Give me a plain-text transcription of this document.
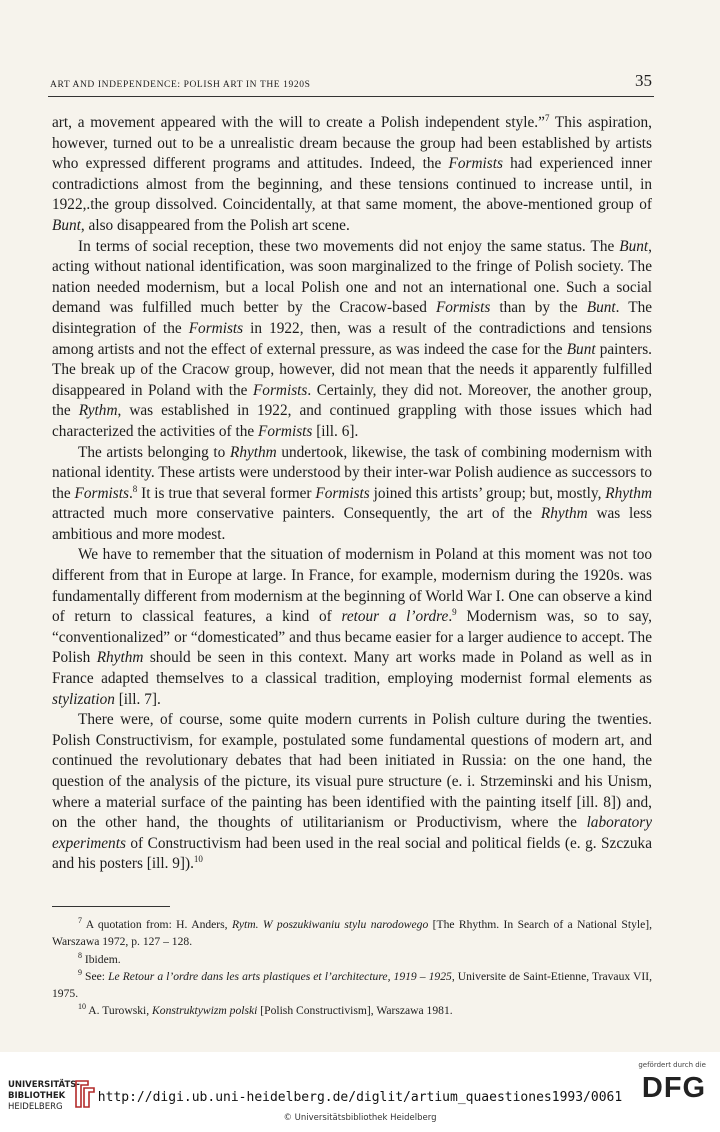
ART AND INDEPENDENCE: POLISH ART IN THE 1920S	35

art, a movement appeared with the will to create a Polish independent style.”$^7$ This aspiration, however, turned out to be a unrealistic dream because the group had been established by artists who expressed different programs and attitudes. Indeed, the Formists had experienced inner contradictions almost from the beginning, and these tensions continued to increase until, in 1922,.the group dissolved. Coincidentally, at that same moment, the above-mentioned group of Bunt, also disappeared from the Polish art scene.

In terms of social reception, these two movements did not enjoy the same status. The Bunt, acting without national identification, was soon marginalized to the fringe of Polish society. The nation needed modernism, but a local Polish one and not an international one. Such a social demand was fulfilled much better by the Cracow-based Formists than by the Bunt. The disintegration of the Formists in 1922, then, was a result of the contradictions and tensions among artists and not the effect of external pressure, as was indeed the case for the Bunt painters. The break up of the Cracow group, however, did not mean that the needs it apparently fulfilled disappeared in Poland with the Formists. Certainly, they did not. Moreover, the another group, the Rythm, was established in 1922, and continued grappling with those issues which had characterized the activities of the Formists [ill. 6].

The artists belonging to Rhythm undertook, likewise, the task of combining modernism with national identity. These artists were understood by their inter-war Polish audience as successors to the Formists.$^8$ It is true that several former Formists joined this artists’ group; but, mostly, Rhythm attracted much more conservative painters. Consequently, the art of the Rhythm was less ambitious and more modest.

We have to remember that the situation of modernism in Poland at this moment was not too different from that in Europe at large. In France, for example, modernism during the 1920s. was fundamentally different from modernism at the beginning of World War I. One can observe a kind of return to classical features, a kind of retour a l’ordre.$^9$ Modernism was, so to say, “conventionalized” or “domesticated” and thus became easier for a larger audience to accept. The Polish Rhythm should be seen in this context. Many art works made in Poland as well as in France adapted themselves to a classical tradition, employing modernist formal elements as stylization [ill. 7].

There were, of course, some quite modern currents in Polish culture during the twenties. Polish Constructivism, for example, postulated some fundamental questions of modern art, and continued the revolutionary debates that had been initiated in Russia: on the one hand, the question of the analysis of the picture, its visual pure structure (e. i. Strzeminski and his Unism, where a material surface of the painting has been identified with the painting itself [ill. 8]) and, on the other hand, the thoughts of utilitarianism or Productivism, where the laboratory experiments of Constructivism had been used in the real social and political fields (e. g. Szczuka and his posters [ill. 9]).$^{10}$

$^7$ A quotation from: H. Anders, Rytm. W poszukiwaniu stylu narodowego [The Rhythm. In Search of a National Style], Warszawa 1972, p. 127 – 128.

$^8$ Ibidem.

$^9$ See: Le Retour a l’ordre dans les arts plastiques et l’architecture, 1919 – 1925, Universite de Saint-Etienne, Travaux VII, 1975.

$^{10}$ A. Turowski, Konstruktywizm polski [Polish Constructivism], Warszawa 1981.

UNIVERSITÄTS-
BIBLIOTHEK
HEIDELBERG
http://digi.ub.uni-heidelberg.de/diglit/artium_quaestiones1993/0061
© Universitätsbibliothek Heidelberg
gefördert durch die
DFG
